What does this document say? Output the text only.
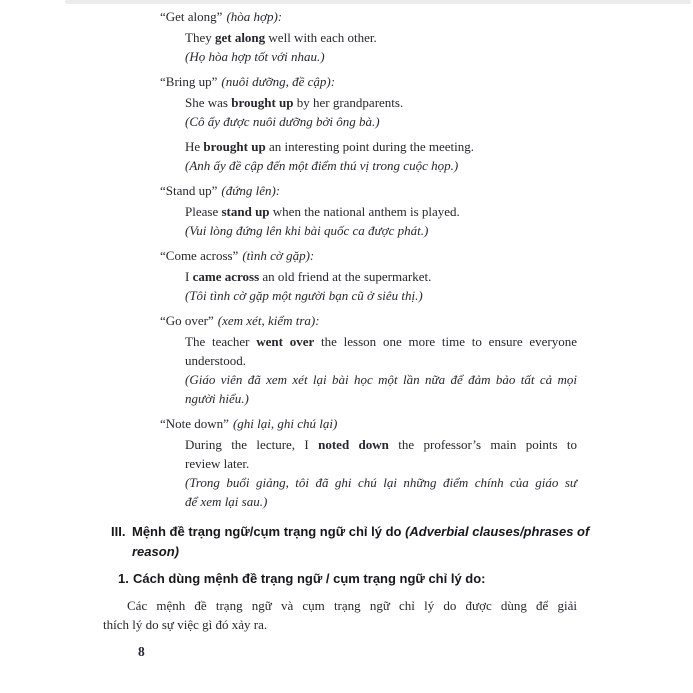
“Get along” (hòa hợp):
They get along well with each other.
(Họ hòa hợp tốt với nhau.)
“Bring up” (nuôi dưỡng, đề cập):
She was brought up by her grandparents.
(Cô ấy được nuôi dưỡng bởi ông bà.)
He brought up an interesting point during the meeting.
(Anh ấy đề cập đến một điểm thú vị trong cuộc họp.)
“Stand up” (đứng lên):
Please stand up when the national anthem is played.
(Vui lòng đứng lên khi bài quốc ca được phát.)
“Come across” (tình cờ gặp):
I came across an old friend at the supermarket.
(Tôi tình cờ gặp một người bạn cũ ở siêu thị.)
“Go over” (xem xét, kiểm tra):
The teacher went over the lesson one more time to ensure everyone
understood.
(Giáo viên đã xem xét lại bài học một lần nữa để đảm bảo tất cả mọi
người hiểu.)
“Note down” (ghi lại, ghi chú lại)
During the lecture, I noted down the professor’s main points to
review later.
(Trong buổi giảng, tôi đã ghi chú lại những điểm chính của giáo sư
để xem lại sau.)
III. Mệnh đề trạng ngữ/cụm trạng ngữ chỉ lý do (Adverbial clauses/phrases of
reason)
1. Cách dùng mệnh đề trạng ngữ / cụm trạng ngữ chỉ lý do:
Các mệnh đề trạng ngữ và cụm trạng ngữ chỉ lý do được dùng để giải
thích lý do sự việc gì đó xảy ra.
8
